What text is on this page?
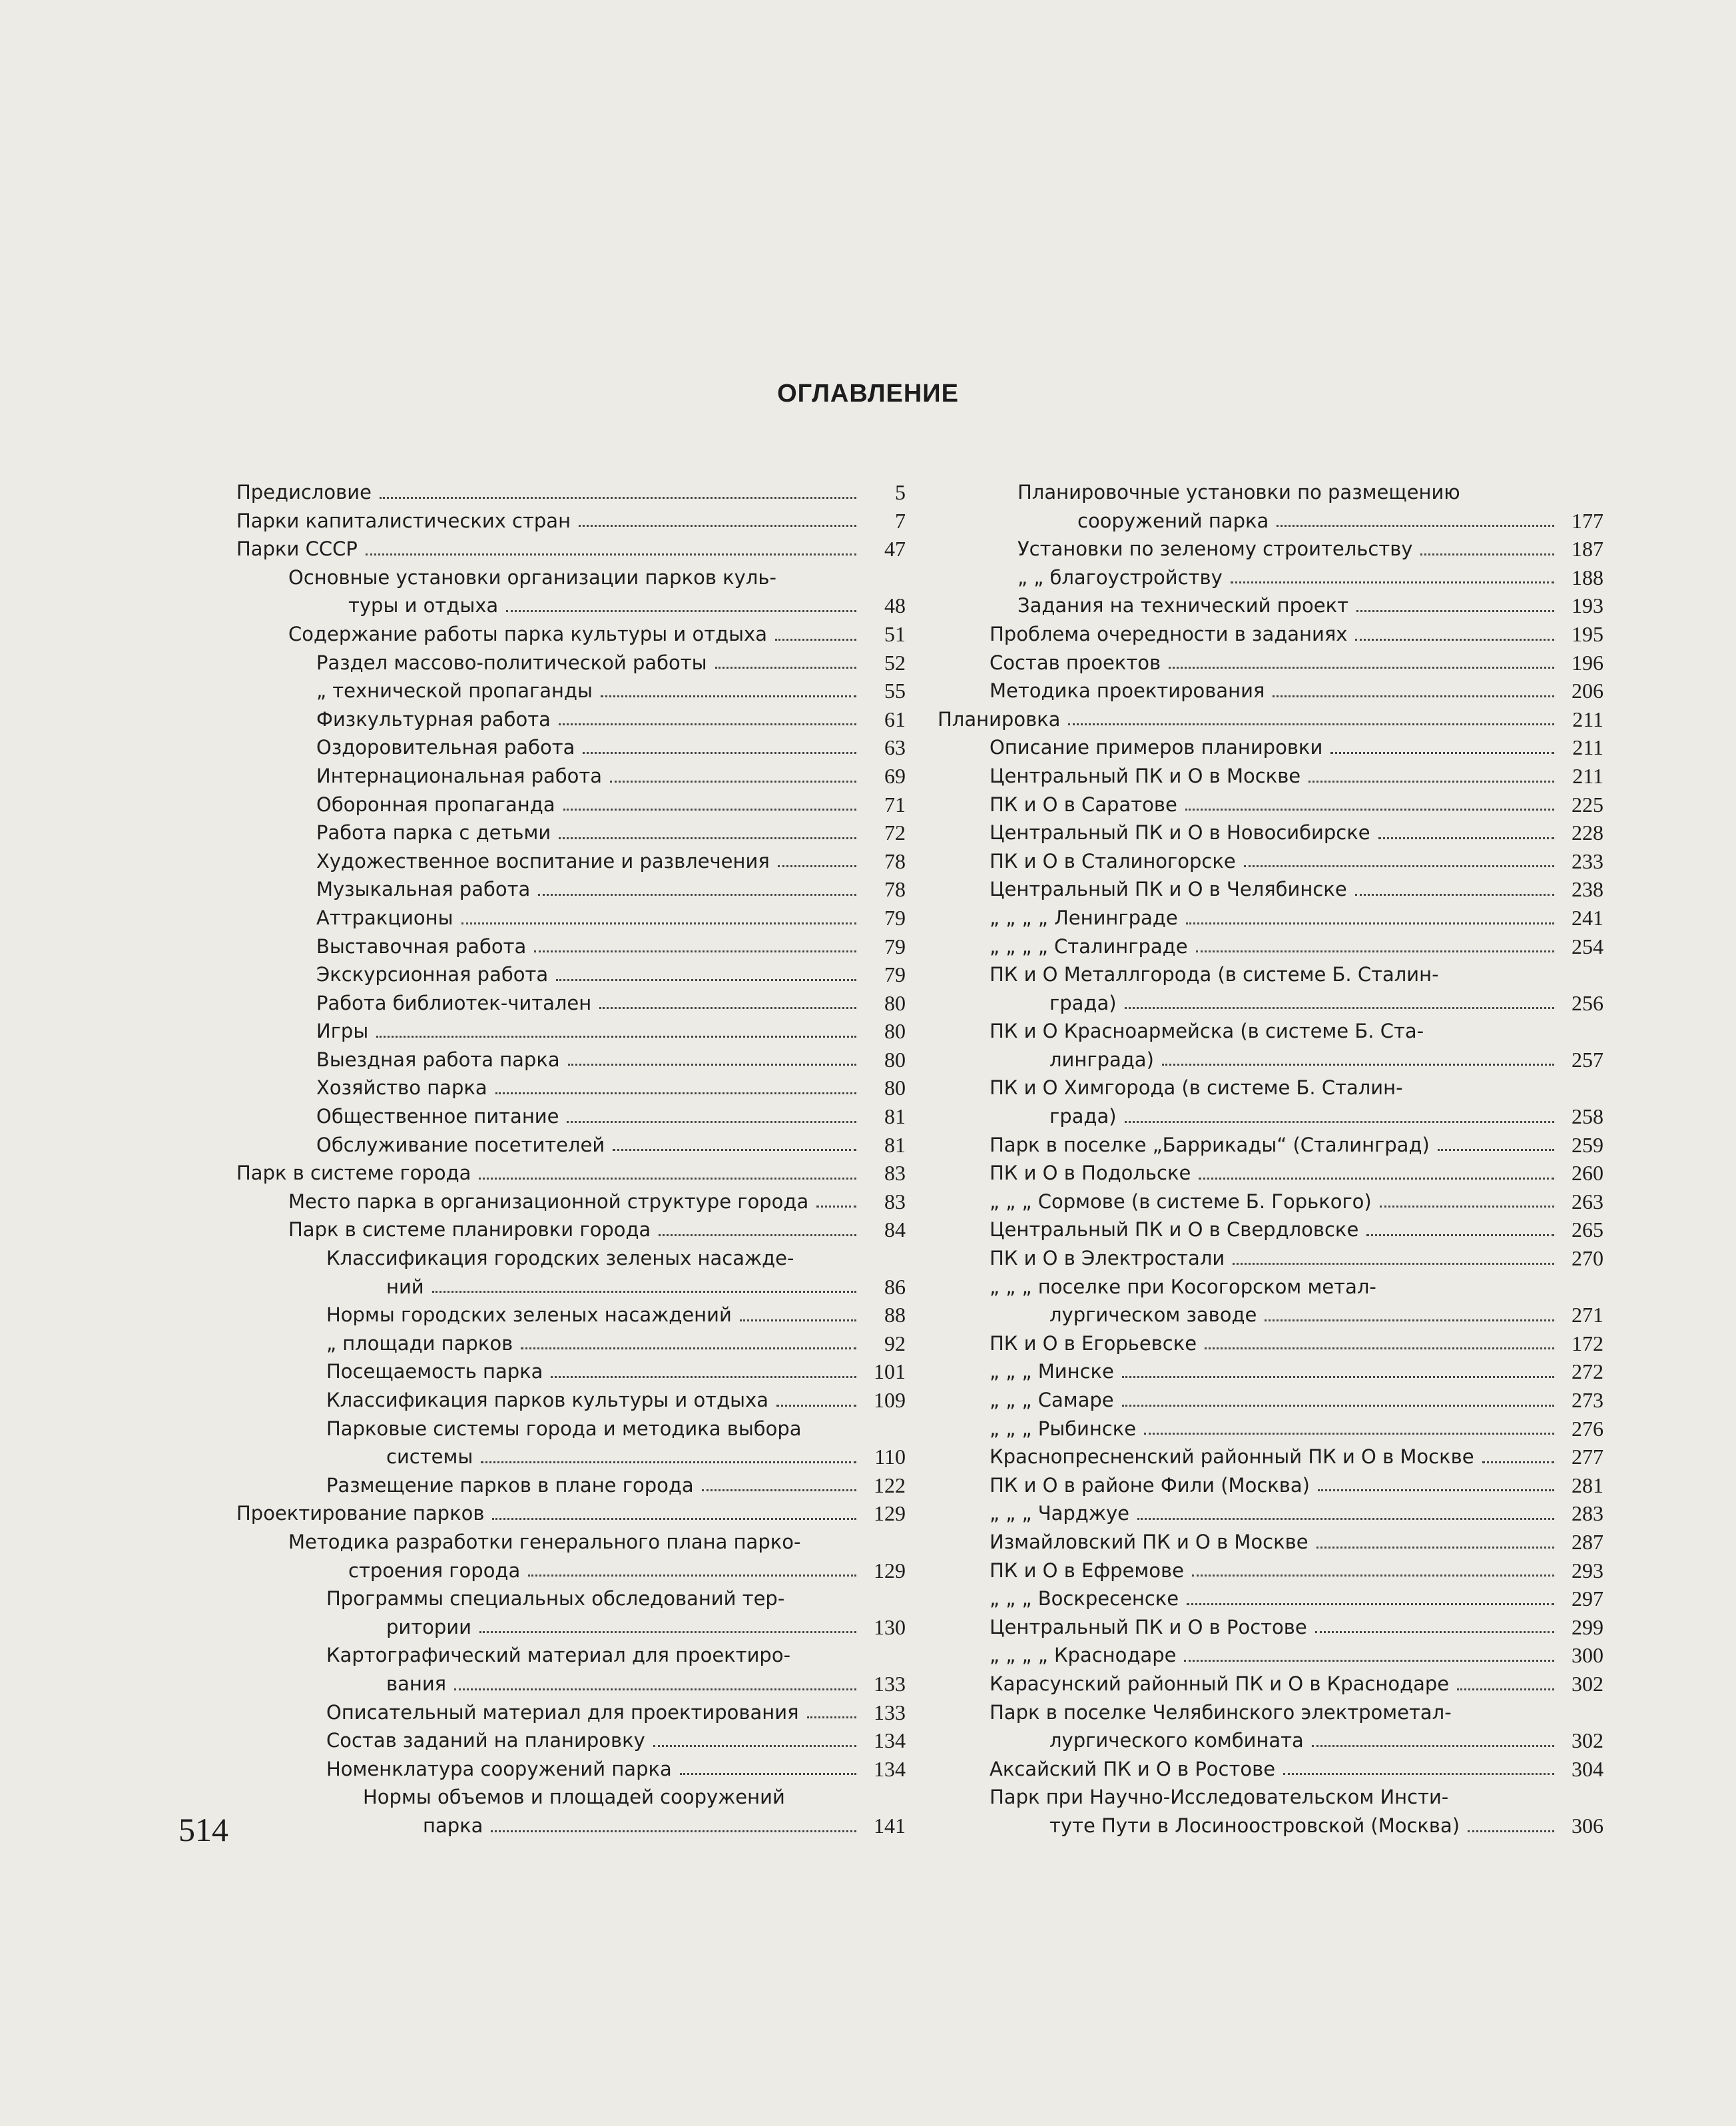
ОГЛАВЛЕНИЕ
Предисловие	5
Парки капиталистических стран	7
Парки СССР	47
Основные установки организации парков куль-
туры и отдыха	48
Содержание работы парка культуры и отдыха	51
Раздел массово-политической работы	52
„ технической пропаганды	55
Физкультурная работа	61
Оздоровительная работа	63
Интернациональная работа	69
Оборонная пропаганда	71
Работа парка с детьми	72
Художественное воспитание и развлечения	78
Музыкальная работа	78
Аттракционы	79
Выставочная работа	79
Экскурсионная работа	79
Работа библиотек-читален	80
Игры	80
Выездная работа парка	80
Хозяйство парка	80
Общественное питание	81
Обслуживание посетителей	81
Парк в системе города	83
Место парка в организационной структуре города	83
Парк в системе планировки города	84
Классификация городских зеленых насажде-
ний	86
Нормы городских зеленых насаждений	88
„ площади парков	92
Посещаемость парка	101
Классификация парков культуры и отдыха	109
Парковые системы города и методика выбора
системы	110
Размещение парков в плане города	122
Проектирование парков	129
Методика разработки генерального плана парко-
строения города	129
Программы специальных обследований тер-
ритории	130
Картографический материал для проектиро-
вания	133
Описательный материал для проектирования	133
Состав заданий на планировку	134
Номенклатура сооружений парка	134
Нормы объемов и площадей сооружений
парка	141
Планировочные установки по размещению
сооружений парка	177
Установки по зеленому строительству	187
„ „ благоустройству	188
Задания на технический проект	193
Проблема очередности в заданиях	195
Состав проектов	196
Методика проектирования	206
Планировка	211
Описание примеров планировки	211
Центральный ПК и О в Москве	211
ПК и О в Саратове	225
Центральный ПК и О в Новосибирске	228
ПК и О в Сталиногорске	233
Центральный ПК и О в Челябинске	238
„ „ „ „ Ленинграде	241
„ „ „ „ Сталинграде	254
ПК и О Металлгорода (в системе Б. Сталин-
града)	256
ПК и О Красноармейска (в системе Б. Ста-
линграда)	257
ПК и О Химгорода (в системе Б. Сталин-
града)	258
Парк в поселке „Баррикады“ (Сталинград)	259
ПК и О в Подольске	260
„ „ „ Сормове (в системе Б. Горького)	263
Центральный ПК и О в Свердловске	265
ПК и О в Электростали	270
„ „ „ поселке при Косогорском метал-
лургическом заводе	271
ПК и О в Егорьевске	172
„ „ „ Минске	272
„ „ „ Самаре	273
„ „ „ Рыбинске	276
Краснопресненский районный ПК и О в Москве	277
ПК и О в районе Фили (Москва)	281
„ „ „ Чарджуе	283
Измайловский ПК и О в Москве	287
ПК и О в Ефремове	293
„ „ „ Воскресенске	297
Центральный ПК и О в Ростове	299
„ „ „ „ Краснодаре	300
Карасунский районный ПК и О в Краснодаре	302
Парк в поселке Челябинского электрометал-
лургического комбината	302
Аксайский ПК и О в Ростове	304
Парк при Научно-Исследовательском Инсти-
туте Пути в Лосиноостровской (Москва)	306
514
